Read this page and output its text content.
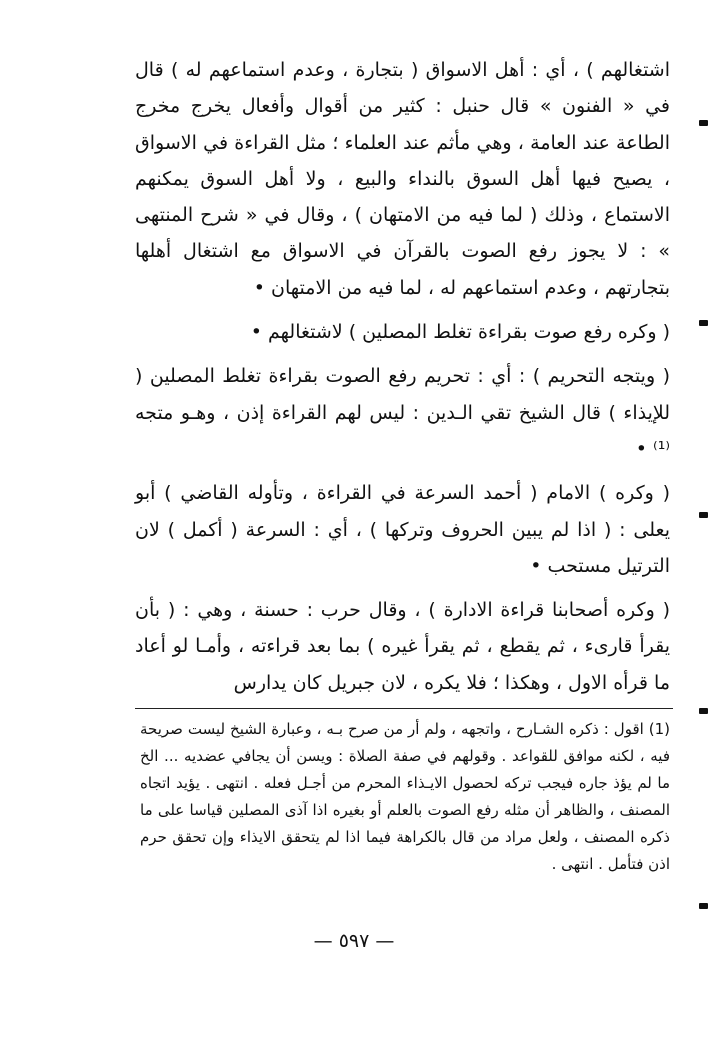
اشتغالهم ) ، أي : أهل الاسواق ( بتجارة ، وعدم استماعهم له ) قال في « الفنون » قال حنبل : كثير من أقوال وأفعال يخرج مخرج الطاعة عند العامة ، وهي مأثم عند العلماء ؛ مثل القراءة في الاسواق ، يصيح فيها أهل السوق بالنداء والبيع ، ولا أهل السوق يمكنهم الاستماع ، وذلك ( لما فيه من الامتهان ) ، وقال في « شرح المنتهى » : لا يجوز رفع الصوت بالقرآن في الاسواق مع اشتغال أهلها بتجارتهم ، وعدم استماعهم له ، لما فيه من الامتهان •

( وكره رفع صوت بقراءة تغلط المصلين ) لاشتغالهم •

( ويتجه التحريم ) : أي : تحريم رفع الصوت بقراءة تغلط المصلين ( للإيذاء ) قال الشيخ تقي الـدين : ليس لهم القراءة إذن ، وهـو متجه ⁽¹⁾ •

( وكره ) الامام ( أحمد السرعة في القراءة ، وتأوله القاضي ) أبو يعلى : ( اذا لم يبين الحروف وتركها ) ، أي : السرعة ( أكمل ) لان الترتيل مستحب •

( وكره أصحابنا قراءة الادارة ) ، وقال حرب : حسنة ، وهي : ( بأن يقرأ قارىء ، ثم يقطع ، ثم يقرأ غيره ) بما بعد قراءته ، وأمـا لو أعاد ما قرأه الاول ، وهكذا ؛ فلا يكره ، لان جبريل كان يدارس

(1) اقول : ذكره الشـارح ، واتجهه ، ولم أر من صرح بـه ، وعبارة الشيخ ليست صريحة فيه ، لكنه موافق للقواعد . وقولهم في صفة الصلاة : ويسن أن يجافي عضديه ... الخ ما لم يؤذ جاره فيجب تركه لحصول الايـذاء المحرم من أجـل فعله . انتهى . يؤيد اتجاه المصنف ، والظاهر أن مثله رفع الصوت بالعلم أو بغيره اذا آذى المصلين قياسا على ما ذكره المصنف ، ولعل مراد من قال بالكراهة فيما اذا لم يتحقق الايذاء وإن تحقق حرم اذن فتأمل . انتهى .

— ٥٩٧ —
